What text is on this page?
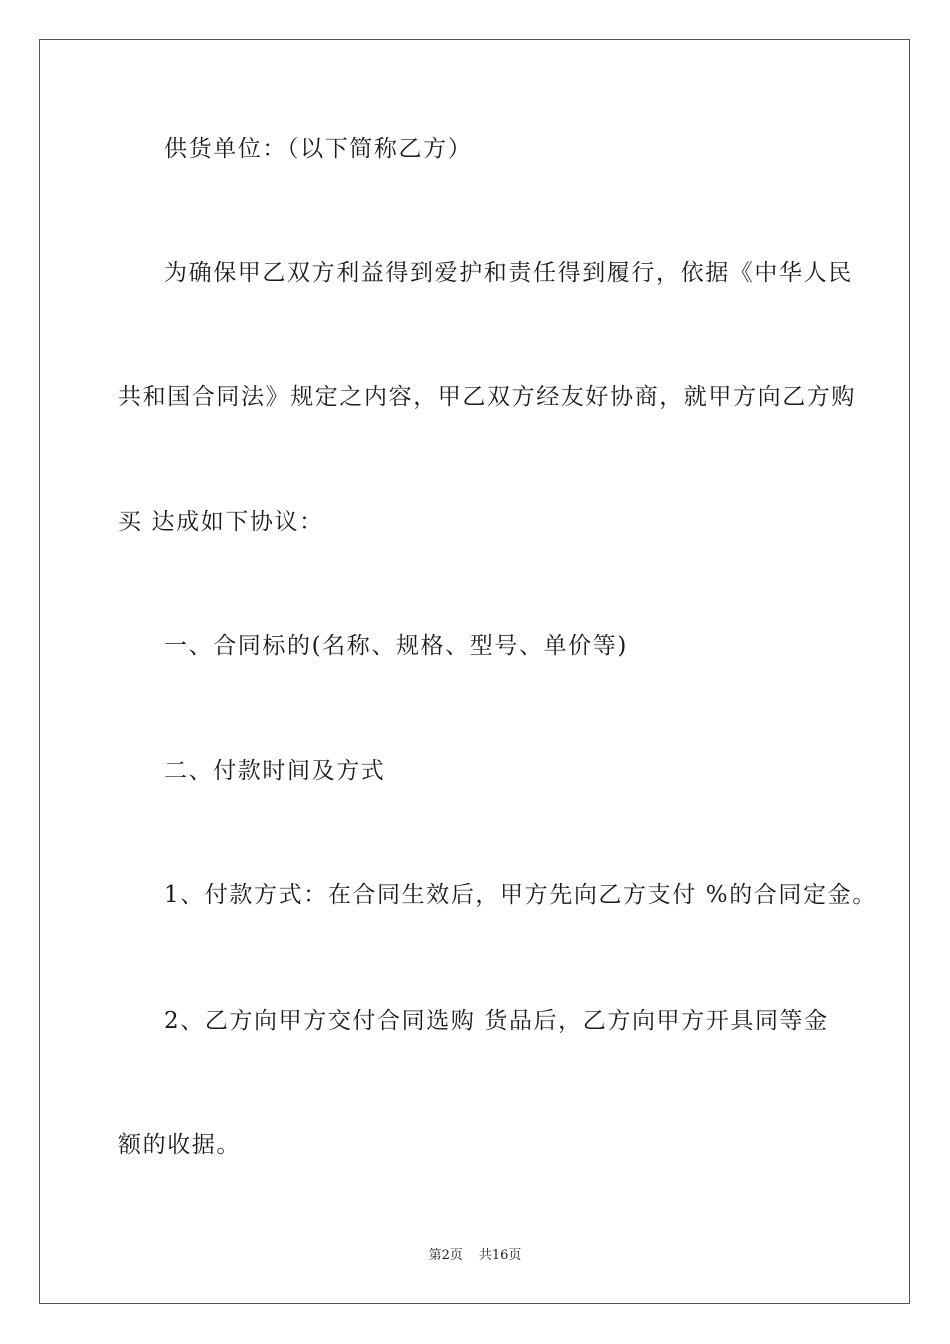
供货单位：（以下简称乙方）
为确保甲乙双方利益得到爱护和责任得到履行，依据《中华人民
共和国合同法》规定之内容，甲乙双方经友好协商，就甲方向乙方购
买 达成如下协议：
一、合同标的(名称、规格、型号、单价等)
二、付款时间及方式
1、付款方式：在合同生效后，甲方先向乙方支付 %的合同定金。
2、乙方向甲方交付合同选购 货品后，乙方向甲方开具同等金
额的收据。
第2页 共16页
